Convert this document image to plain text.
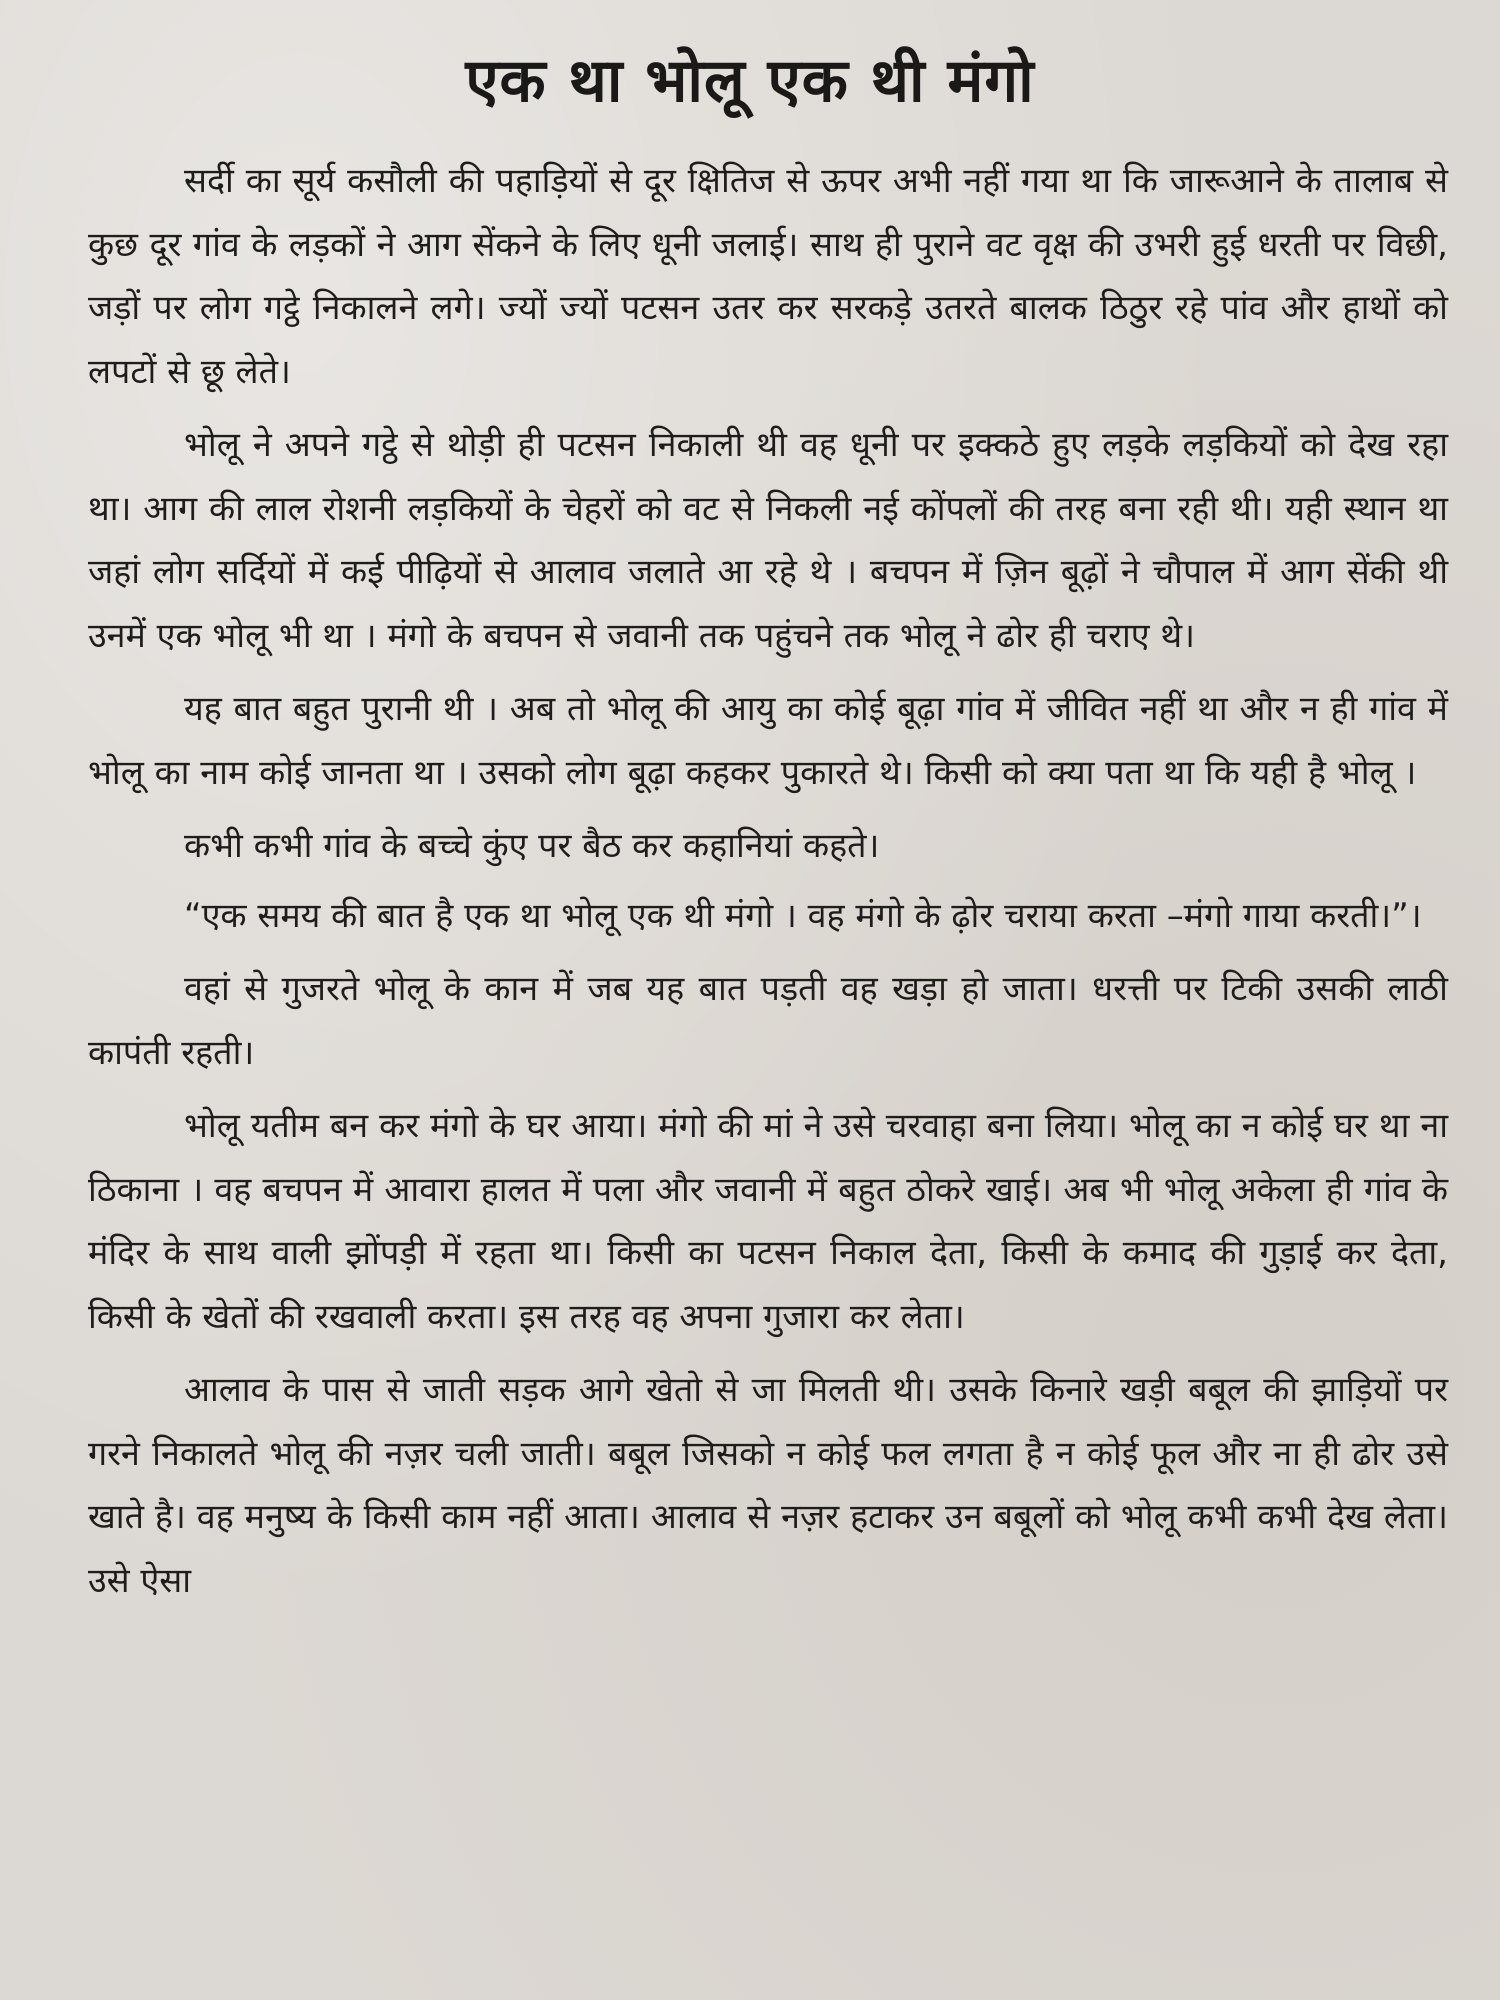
एक था भोलू एक थी मंगो

सर्दी का सूर्य कसौली की पहाड़ियों से दूर क्षितिज से ऊपर अभी नहीं गया था कि जारूआने के तालाब से कुछ दूर गांव के लड़कों ने आग सेंकने के लिए धूनी जलाई। साथ ही पुराने वट वृक्ष की उभरी हुई धरती पर विछी, जड़ों पर लोग गट्ठे निकालने लगे। ज्यों ज्यों पटसन उतर कर सरकड़े उतरते बालक ठिठुर रहे पांव और हाथों को लपटों से छू लेते।

भोलू ने अपने गट्ठे से थोड़ी ही पटसन निकाली थी वह धूनी पर इक्कठे हुए लड़के लड़कियों को देख रहा था। आग की लाल रोशनी लड़कियों के चेहरों को वट से निकली नई कोंपलों की तरह बना रही थी। यही स्थान था जहां लोग सर्दियों में कई पीढ़ियों से आलाव जलाते आ रहे थे । बचपन में ज़िन बूढ़ों ने चौपाल में आग सेंकी थी उनमें एक भोलू भी था । मंगो के बचपन से जवानी तक पहुंचने तक भोलू ने ढोर ही चराए थे।

यह बात बहुत पुरानी थी । अब तो भोलू की आयु का कोई बूढ़ा गांव में जीवित नहीं था और न ही गांव में भोलू का नाम कोई जानता था । उसको लोग बूढ़ा कहकर पुकारते थे। किसी को क्या पता था कि यही है भोलू ।

कभी कभी गांव के बच्चे कुंए पर बैठ कर कहानियां कहते।

“एक समय की बात है एक था भोलू एक थी मंगो । वह मंगो के ढ़ोर चराया करता –मंगो गाया करती।”।

वहां से गुजरते भोलू के कान में जब यह बात पड़ती वह खड़ा हो जाता। धरत्ती पर टिकी उसकी लाठी कापंती रहती।

भोलू यतीम बन कर मंगो के घर आया। मंगो की मां ने उसे चरवाहा बना लिया। भोलू का न कोई घर था ना ठिकाना । वह बचपन में आवारा हालत में पला और जवानी में बहुत ठोकरे खाई। अब भी भोलू अकेला ही गांव के मंदिर के साथ वाली झोंपड़ी में रहता था। किसी का पटसन निकाल देता, किसी के कमाद की गुड़ाई कर देता, किसी के खेतों की रखवाली करता। इस तरह वह अपना गुजारा कर लेता।

आलाव के पास से जाती सड़क आगे खेतो से जा मिलती थी। उसके किनारे खड़ी बबूल की झाड़ियों पर गरने निकालते भोलू की नज़र चली जाती। बबूल जिसको न कोई फल लगता है न कोई फूल और ना ही ढोर उसे खाते है। वह मनुष्य के किसी काम नहीं आता। आलाव से नज़र हटाकर उन बबूलों को भोलू कभी कभी देख लेता। उसे ऐसा
